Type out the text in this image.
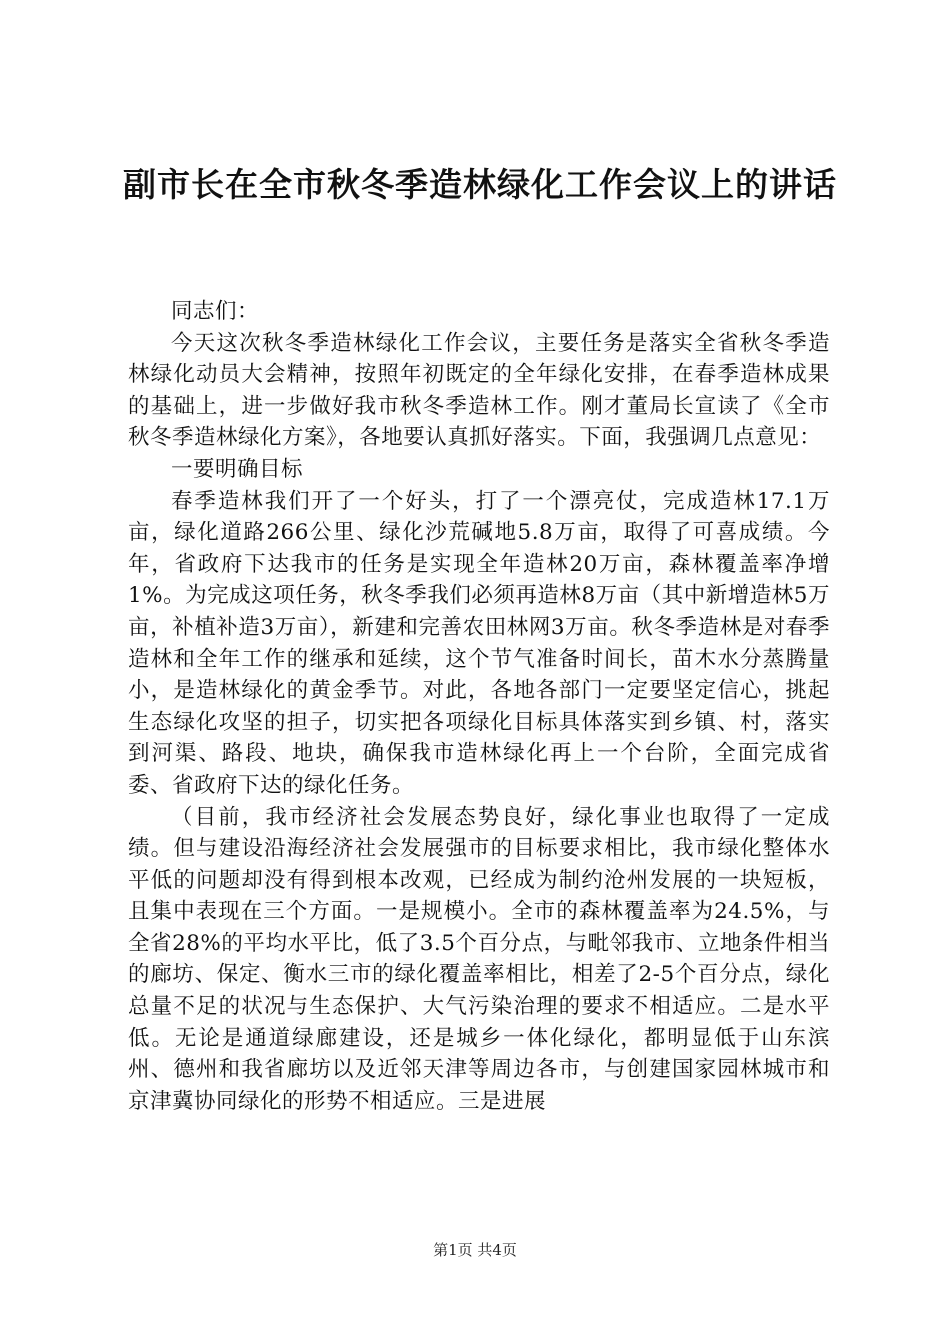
副市长在全市秋冬季造林绿化工作会议上的讲话

同志们：

今天这次秋冬季造林绿化工作会议，主要任务是落实全省秋冬季造林绿化动员大会精神，按照年初既定的全年绿化安排，在春季造林成果的基础上，进一步做好我市秋冬季造林工作。刚才董局长宣读了《全市秋冬季造林绿化方案》，各地要认真抓好落实。下面，我强调几点意见：

一要明确目标

春季造林我们开了一个好头，打了一个漂亮仗，完成造林17.1万亩，绿化道路266公里、绿化沙荒碱地5.8万亩，取得了可喜成绩。今年，省政府下达我市的任务是实现全年造林20万亩，森林覆盖率净增1%。为完成这项任务，秋冬季我们必须再造林8万亩（其中新增造林5万亩，补植补造3万亩），新建和完善农田林网3万亩。秋冬季造林是对春季造林和全年工作的继承和延续，这个节气准备时间长，苗木水分蒸腾量小，是造林绿化的黄金季节。对此，各地各部门一定要坚定信心，挑起生态绿化攻坚的担子，切实把各项绿化目标具体落实到乡镇、村，落实到河渠、路段、地块，确保我市造林绿化再上一个台阶，全面完成省委、省政府下达的绿化任务。

（目前，我市经济社会发展态势良好，绿化事业也取得了一定成绩。但与建设沿海经济社会发展强市的目标要求相比，我市绿化整体水平低的问题却没有得到根本改观，已经成为制约沧州发展的一块短板，且集中表现在三个方面。一是规模小。全市的森林覆盖率为24.5%，与全省28%的平均水平比，低了3.5个百分点，与毗邻我市、立地条件相当的廊坊、保定、衡水三市的绿化覆盖率相比，相差了2-5个百分点，绿化总量不足的状况与生态保护、大气污染治理的要求不相适应。二是水平低。无论是通道绿廊建设，还是城乡一体化绿化，都明显低于山东滨州、德州和我省廊坊以及近邻天津等周边各市，与创建国家园林城市和京津冀协同绿化的形势不相适应。三是进展

第1页 共4页
